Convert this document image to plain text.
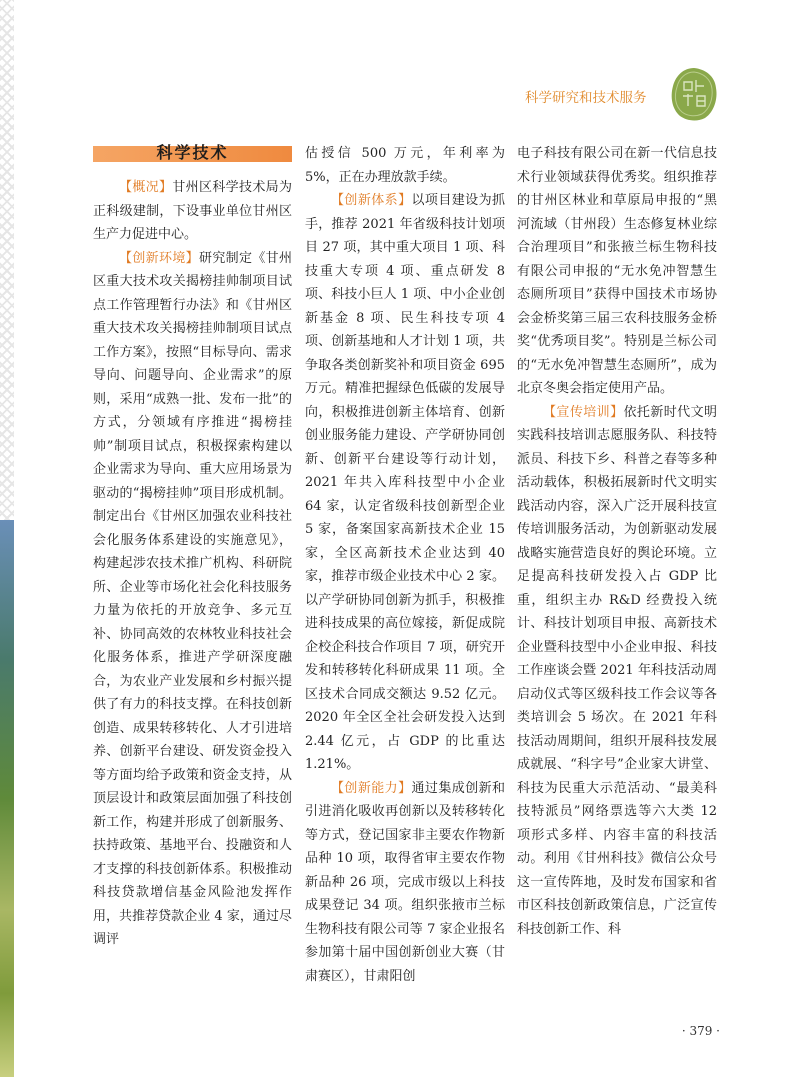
科学研究和技术服务
科学技术

【概况】甘州区科学技术局为正科级建制，下设事业单位甘州区生产力促进中心。

【创新环境】研究制定《甘州区重大技术攻关揭榜挂帅制项目试点工作管理暂行办法》和《甘州区重大技术攻关揭榜挂帅制项目试点工作方案》，按照“目标导向、需求导向、问题导向、企业需求”的原则，采用“成熟一批、发布一批”的方式，分领域有序推进“揭榜挂帅”制项目试点，积极探索构建以企业需求为导向、重大应用场景为驱动的“揭榜挂帅”项目形成机制。制定出台《甘州区加强农业科技社会化服务体系建设的实施意见》，构建起涉农技术推广机构、科研院所、企业等市场化社会化科技服务力量为依托的开放竞争、多元互补、协同高效的农林牧业科技社会化服务体系，推进产学研深度融合，为农业产业发展和乡村振兴提供了有力的科技支撑。在科技创新创造、成果转移转化、人才引进培养、创新平台建设、研发资金投入等方面均给予政策和资金支持，从顶层设计和政策层面加强了科技创新工作，构建并形成了创新服务、扶持政策、基地平台、投融资和人才支撑的科技创新体系。积极推动科技贷款增信基金风险池发挥作用，共推荐贷款企业 4 家，通过尽调评

估授信 500 万元，年利率为 5%，正在办理放款手续。

【创新体系】以项目建设为抓手，推荐 2021 年省级科技计划项目 27 项，其中重大项目 1 项、科技重大专项 4 项、重点研发 8 项、科技小巨人 1 项、中小企业创新基金 8 项、民生科技专项 4 项、创新基地和人才计划 1 项，共争取各类创新奖补和项目资金 695 万元。精准把握绿色低碳的发展导向，积极推进创新主体培育、创新创业服务能力建设、产学研协同创新、创新平台建设等行动计划，2021 年共入库科技型中小企业 64 家，认定省级科技创新型企业 5 家，备案国家高新技术企业 15 家，全区高新技术企业达到 40 家，推荐市级企业技术中心 2 家。以产学研协同创新为抓手，积极推进科技成果的高位嫁接，新促成院企校企科技合作项目 7 项，研究开发和转移转化科研成果 11 项。全区技术合同成交额达 9.52 亿元。2020 年全区全社会研发投入达到 2.44 亿元，占 GDP 的比重达 1.21%。

【创新能力】通过集成创新和引进消化吸收再创新以及转移转化等方式，登记国家非主要农作物新品种 10 项，取得省审主要农作物新品种 26 项，完成市级以上科技成果登记 34 项。组织张掖市兰标生物科技有限公司等 7 家企业报名参加第十届中国创新创业大赛（甘肃赛区），甘肃阳创

电子科技有限公司在新一代信息技术行业领域获得优秀奖。组织推荐的甘州区林业和草原局申报的“黑河流域（甘州段）生态修复林业综合治理项目”和张掖兰标生物科技有限公司申报的“无水免冲智慧生态厕所项目”获得中国技术市场协会金桥奖第三届三农科技服务金桥奖“优秀项目奖”。特别是兰标公司的“无水免冲智慧生态厕所”，成为北京冬奥会指定使用产品。

【宣传培训】依托新时代文明实践科技培训志愿服务队、科技特派员、科技下乡、科普之春等多种活动载体，积极拓展新时代文明实践活动内容，深入广泛开展科技宣传培训服务活动，为创新驱动发展战略实施营造良好的舆论环境。立足提高科技研发投入占 GDP 比重，组织主办 R&D 经费投入统计、科技计划项目申报、高新技术企业暨科技型中小企业申报、科技工作座谈会暨 2021 年科技活动周启动仪式等区级科技工作会议等各类培训会 5 场次。在 2021 年科技活动周期间，组织开展科技发展成就展、“科字号”企业家大讲堂、科技为民重大示范活动、“最美科技特派员”网络票选等六大类 12 项形式多样、内容丰富的科技活动。利用《甘州科技》微信公众号这一宣传阵地，及时发布国家和省市区科技创新政策信息，广泛宣传科技创新工作、科

· 379 ·
